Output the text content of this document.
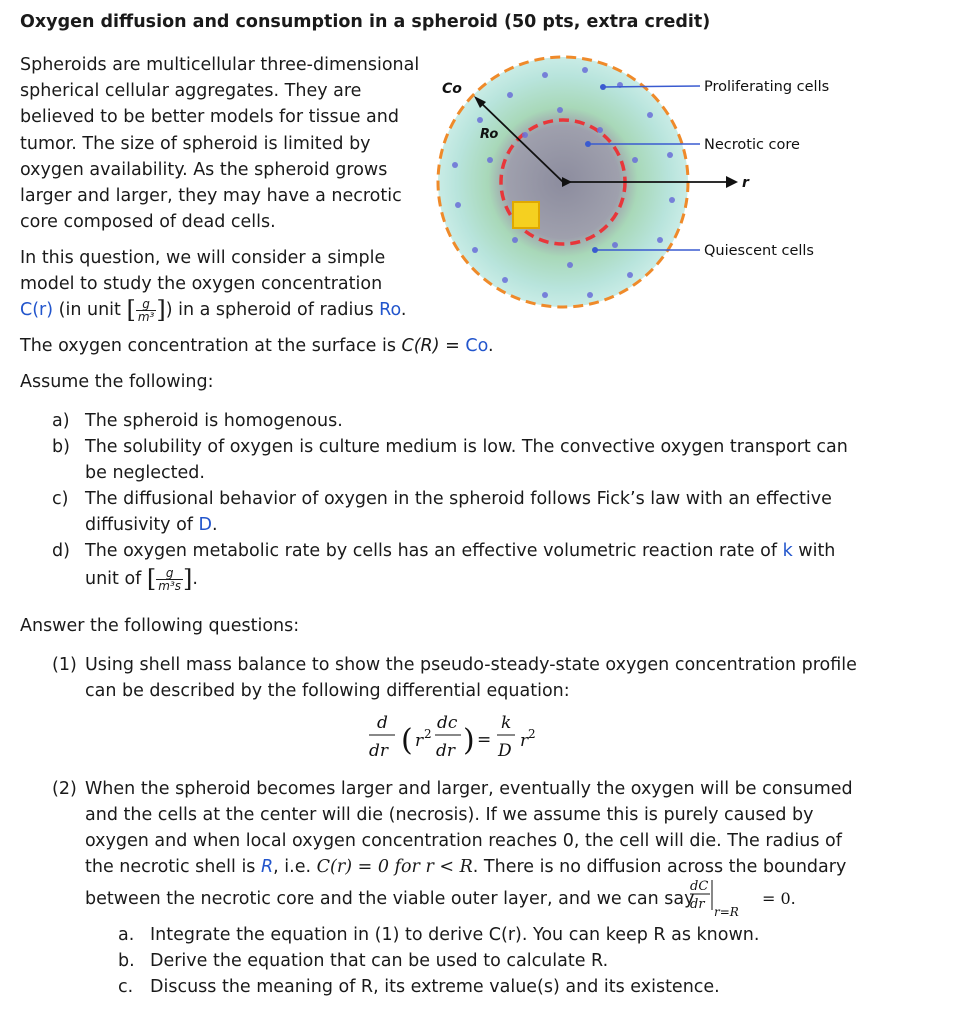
Oxygen diffusion and consumption in a spheroid (50 pts, extra credit)
Spheroids are multicellular three-dimensional spherical cellular aggregates. They are believed to be better models for tissue and tumor. The size of spheroid is limited by oxygen availability. As the spheroid grows larger and larger, they may have a necrotic core composed of dead cells.
In this question, we will consider a simple model to study the oxygen concentration
C(r) (in unit [ $\frac{g}{\text{m³}}$ ]) in a spheroid of radius Ro.
The oxygen concentration at the surface is C(R) = Co.
Assume the following:
Co
Ro
r
Proliferating cells
Necrotic core
Quiescent cells
a) The spheroid is homogenous.
b) The solubility of oxygen is culture medium is low. The convective oxygen transport can
be neglected.
c) The diffusional behavior of oxygen in the spheroid follows Fick’s law with an effective
diffusivity of D.
d) The oxygen metabolic rate by cells has an effective volumetric reaction rate of k with
unit of [ $\frac{g}{\text{m³s}}$ ].
Answer the following questions:
(1) Using shell mass balance to show the pseudo-steady-state oxygen concentration profile
can be described by the following differential equation:
d
dr ( r 2
dc
dr ) =
k
D r 2
(2) When the spheroid becomes larger and larger, eventually the oxygen will be consumed
and the cells at the center will die (necrosis). If we assume this is purely caused by
oxygen and when local oxygen concentration reaches 0, the cell will die. The radius of
the necrotic shell is R, i.e. C(r) = 0 for r < R. There is no diffusion across the boundary
between the necrotic core and the viable outer layer, and we can say
dC
dr r=R
= 0.
a. Integrate the equation in (1) to derive C(r). You can keep R as known.
b. Derive the equation that can be used to calculate R.
c. Discuss the meaning of R, its extreme value(s) and its existence.
